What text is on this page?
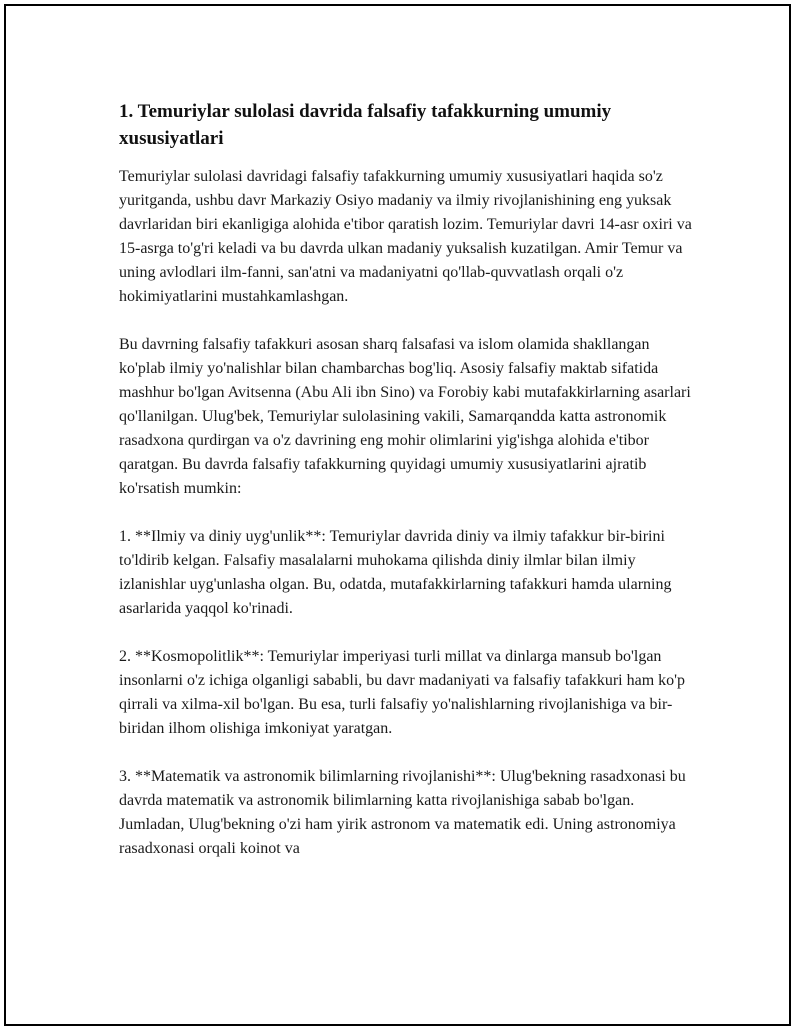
1. Temuriylar sulolasi davrida falsafiy tafakkurning umumiy xususiyatlari

Temuriylar sulolasi davridagi falsafiy tafakkurning umumiy xususiyatlari haqida so'z yuritganda, ushbu davr Markaziy Osiyo madaniy va ilmiy rivojlanishining eng yuksak davrlaridan biri ekanligiga alohida e'tibor qaratish lozim. Temuriylar davri 14-asr oxiri va 15-asrga to'g'ri keladi va bu davrda ulkan madaniy yuksalish kuzatilgan. Amir Temur va uning avlodlari ilm-fanni, san'atni va madaniyatni qo'llab-quvvatlash orqali o'z hokimiyatlarini mustahkamlashgan.

Bu davrning falsafiy tafakkuri asosan sharq falsafasi va islom olamida shakllangan ko'plab ilmiy yo'nalishlar bilan chambarchas bog'liq. Asosiy falsafiy maktab sifatida mashhur bo'lgan Avitsenna (Abu Ali ibn Sino) va Forobiy kabi mutafakkirlarning asarlari qo'llanilgan. Ulug'bek, Temuriylar sulolasining vakili, Samarqandda katta astronomik rasadxona qurdirgan va o'z davrining eng mohir olimlarini yig'ishga alohida e'tibor qaratgan. Bu davrda falsafiy tafakkurning quyidagi umumiy xususiyatlarini ajratib ko'rsatish mumkin:

1. **Ilmiy va diniy uyg'unlik**: Temuriylar davrida diniy va ilmiy tafakkur bir-birini to'ldirib kelgan. Falsafiy masalalarni muhokama qilishda diniy ilmlar bilan ilmiy izlanishlar uyg'unlasha olgan. Bu, odatda, mutafakkirlarning tafakkuri hamda ularning asarlarida yaqqol ko'rinadi.

2. **Kosmopolitlik**: Temuriylar imperiyasi turli millat va dinlarga mansub bo'lgan insonlarni o'z ichiga olganligi sababli, bu davr madaniyati va falsafiy tafakkuri ham ko'p qirrali va xilma-xil bo'lgan. Bu esa, turli falsafiy yo'nalishlarning rivojlanishiga va bir-biridan ilhom olishiga imkoniyat yaratgan.

3. **Matematik va astronomik bilimlarning rivojlanishi**: Ulug'bekning rasadxonasi bu davrda matematik va astronomik bilimlarning katta rivojlanishiga sabab bo'lgan. Jumladan, Ulug'bekning o'zi ham yirik astronom va matematik edi. Uning astronomiya rasadxonasi orqali koinot va
